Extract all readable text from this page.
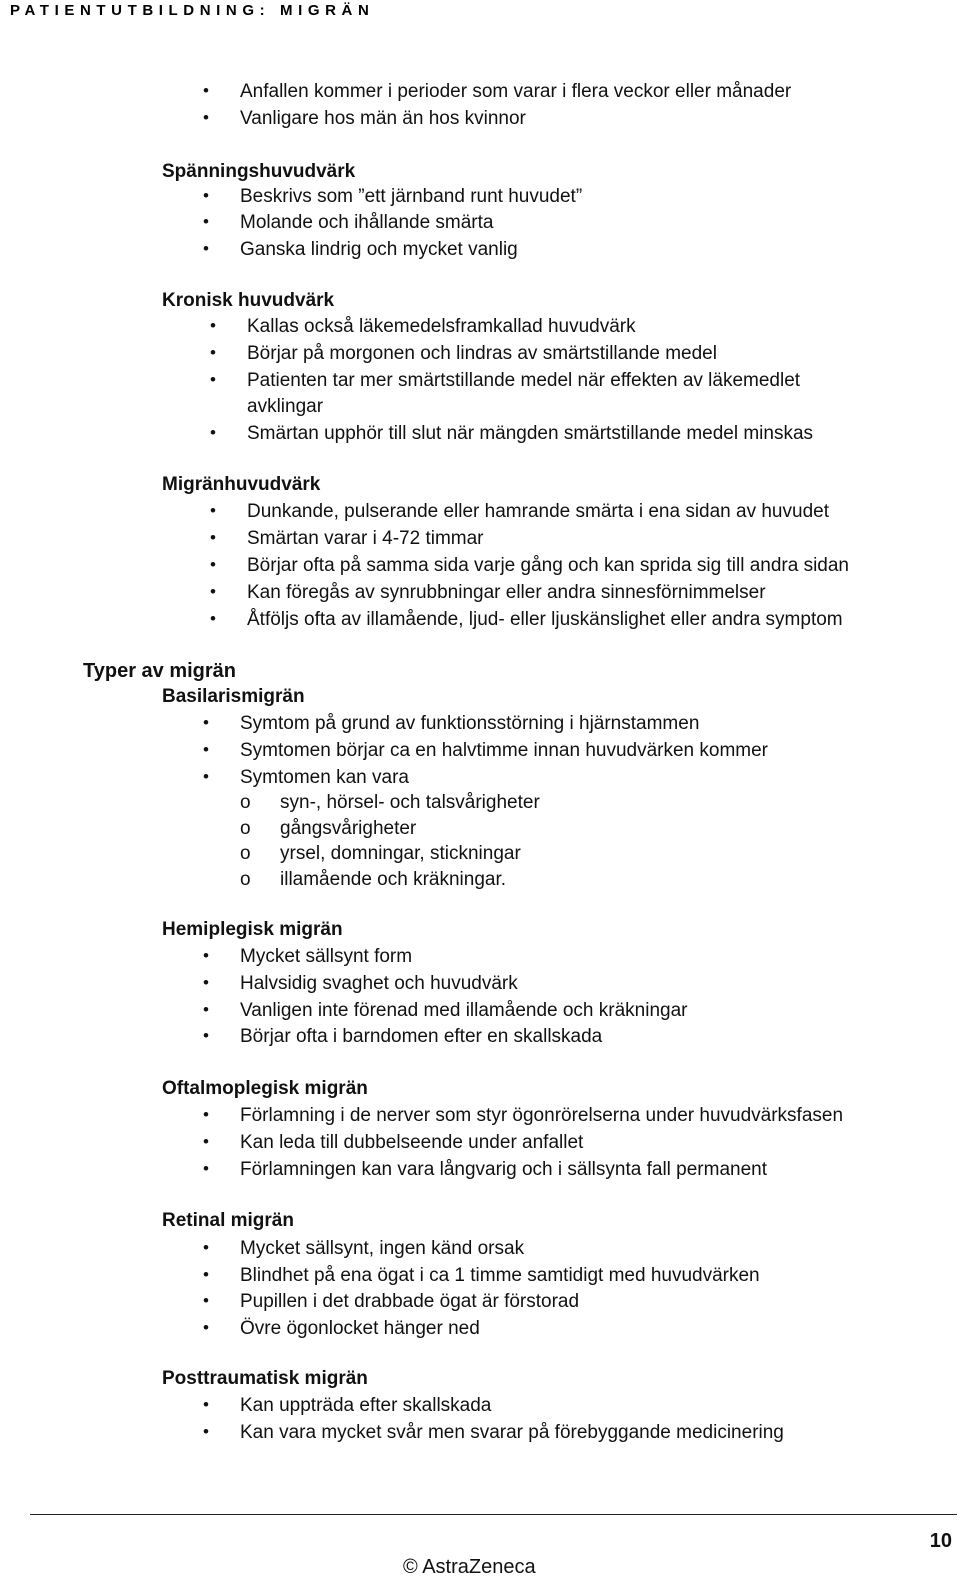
PATIENTUTBILDNING: MIGRÄN
• Anfallen kommer i perioder som varar i flera veckor eller månader
• Vanligare hos män än hos kvinnor
Spänningshuvudvärk
• Beskrivs som ”ett järnband runt huvudet”
• Molande och ihållande smärta
• Ganska lindrig och mycket vanlig
Kronisk huvudvärk
• Kallas också läkemedelsframkallad huvudvärk
• Börjar på morgonen och lindras av smärtstillande medel
• Patienten tar mer smärtstillande medel när effekten av läkemedlet
avklingar
• Smärtan upphör till slut när mängden smärtstillande medel minskas
Migränhuvudvärk
• Dunkande, pulserande eller hamrande smärta i ena sidan av huvudet
• Smärtan varar i 4-72 timmar
• Börjar ofta på samma sida varje gång och kan sprida sig till andra sidan
• Kan föregås av synrubbningar eller andra sinnesförnimmelser
• Åtföljs ofta av illamående, ljud- eller ljuskänslighet eller andra symptom
Typer av migrän
Basilarismigrän
• Symtom på grund av funktionsstörning i hjärnstammen
• Symtomen börjar ca en halvtimme innan huvudvärken kommer
• Symtomen kan vara
o syn-, hörsel- och talsvårigheter
o gångsvårigheter
o yrsel, domningar, stickningar
o illamående och kräkningar.
Hemiplegisk migrän
• Mycket sällsynt form
• Halvsidig svaghet och huvudvärk
• Vanligen inte förenad med illamående och kräkningar
• Börjar ofta i barndomen efter en skallskada
Oftalmoplegisk migrän
• Förlamning i de nerver som styr ögonrörelserna under huvudvärksfasen
• Kan leda till dubbelseende under anfallet
• Förlamningen kan vara långvarig och i sällsynta fall permanent
Retinal migrän
• Mycket sällsynt, ingen känd orsak
• Blindhet på ena ögat i ca 1 timme samtidigt med huvudvärken
• Pupillen i det drabbade ögat är förstorad
• Övre ögonlocket hänger ned
Posttraumatisk migrän
• Kan uppträda efter skallskada
• Kan vara mycket svår men svarar på förebyggande medicinering
10
© AstraZeneca
